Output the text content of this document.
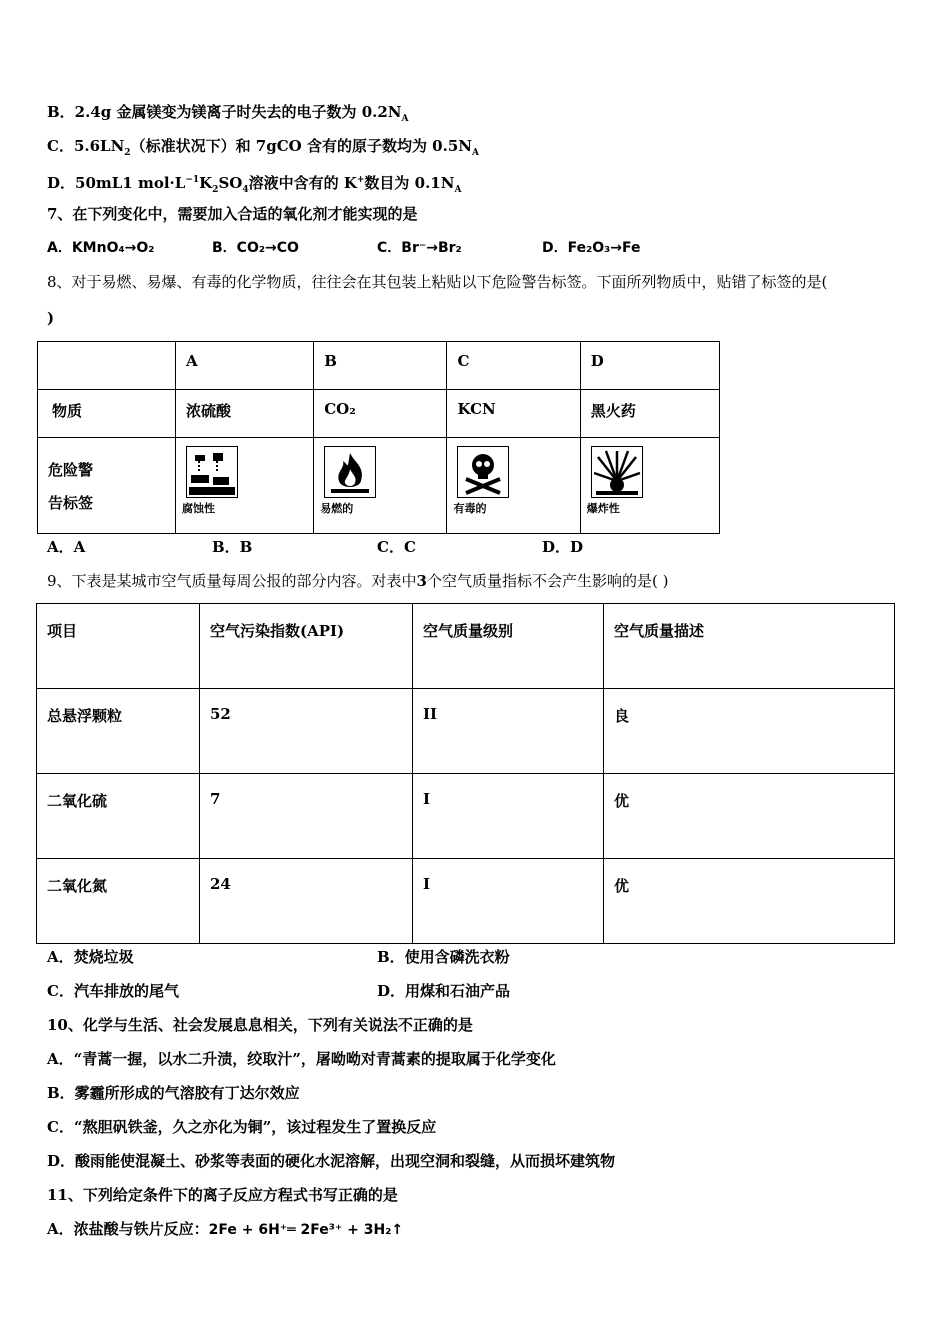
B．2.4g 金属镁变为镁离子时失去的电子数为 $0.2N_A$
C．$5.6LN_2$（标准状况下）和 7gCO 含有的原子数均为 $0.5N_A$
D．50mL1 $mol\cdot L^{-1}K_2SO_4$溶液中含有的 K+数目为 $0.1N_A$
7、在下列变化中，需要加入合适的氧化剂才能实现的是
A．KMnO₄→O₂	B．CO₂→CO	C．Br⁻→Br₂	D．Fe₂O₃→Fe
8、对于易燃、易爆、有毒的化学物质，往往会在其包装上粘贴以下危险警告标签。下面所列物质中，贴错了标签的是(
)

	A	B	C	D

物质	浓硫酸	CO₂	KCN	黑火药

危险警
告标签	腐蚀性	易燃的	有毒的	爆炸性
A．A	B．B	C．C	D．D
9、下表是某城市空气质量每周公报的部分内容。对表中3个空气质量指标不会产生影响的是( )
项目	空气污染指数(API)	空气质量级别	空气质量描述

总悬浮颗粒	52	II	良

二氧化硫	7	I	优

二氧化氮	24	I	优
A．焚烧垃圾	B．使用含磷洗衣粉
C．汽车排放的尾气	D．用煤和石油产品
10、化学与生活、社会发展息息相关，下列有关说法不正确的是
A．“青蒿一握，以水二升渍，绞取汁”，屠呦呦对青蒿素的提取属于化学变化
B．雾霾所形成的气溶胶有丁达尔效应
C．“熬胆矾铁釜，久之亦化为铜”，该过程发生了置换反应
D．酸雨能使混凝土、砂浆等表面的硬化水泥溶解，出现空洞和裂缝，从而损坏建筑物
11、下列给定条件下的离子反应方程式书写正确的是
A．浓盐酸与铁片反应：2Fe + 6H⁺═ 2Fe³⁺ + 3H₂↑
